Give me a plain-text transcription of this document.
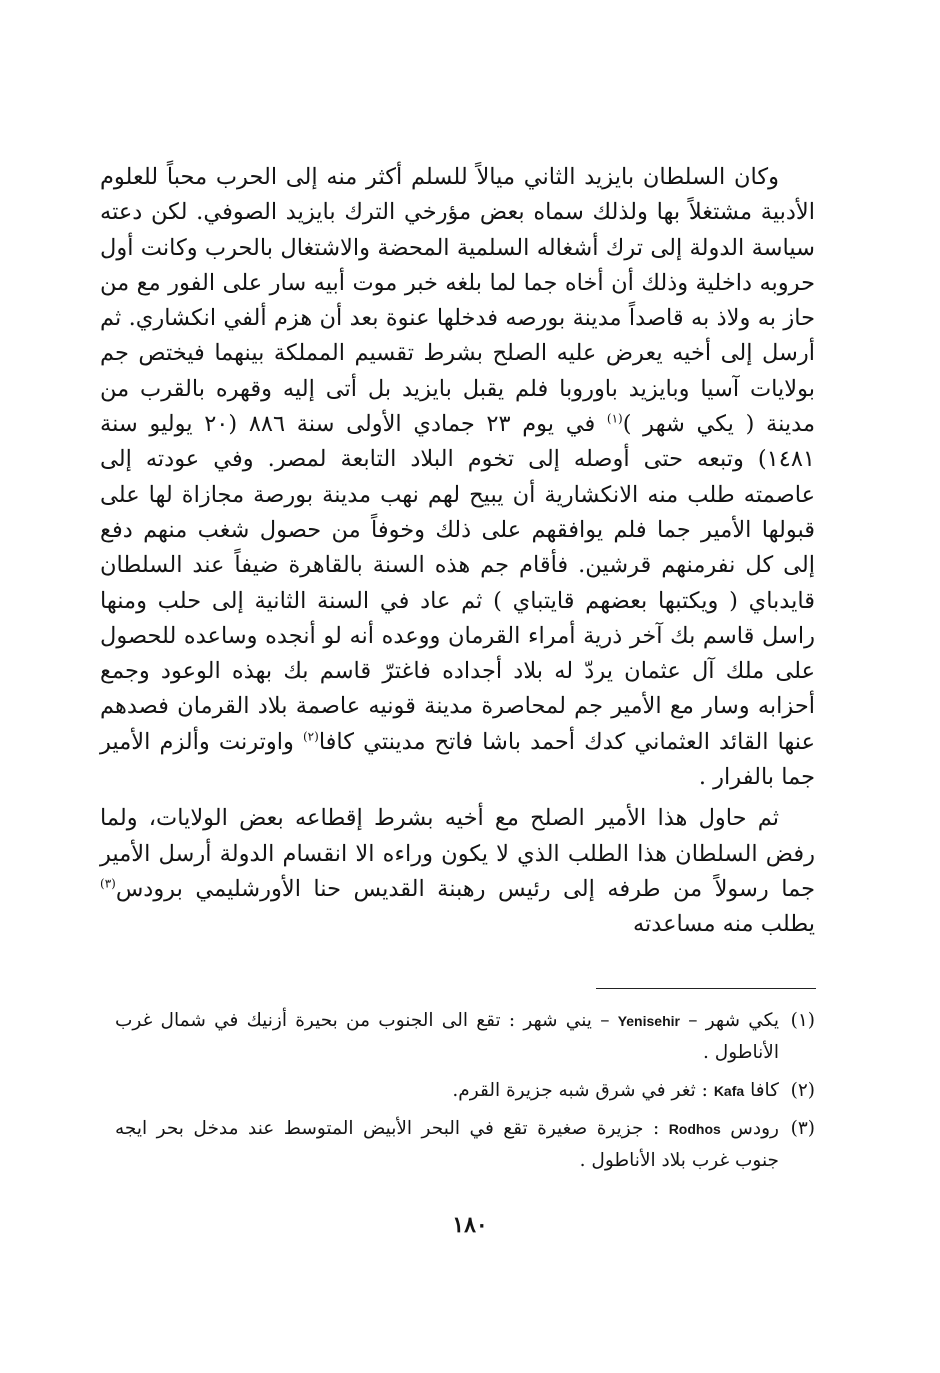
وكان السلطان بايزيد الثاني ميالاً للسلم أكثر منه إلى الحرب محباً للعلوم الأدبية مشتغلاً بها ولذلك سماه بعض مؤرخي الترك بايزيد الصوفي. لكن دعته سياسة الدولة إلى ترك أشغاله السلمية المحضة والاشتغال بالحرب وكانت أول حروبه داخلية وذلك أن أخاه جما لما بلغه خبر موت أبيه سار على الفور مع من حاز به ولاذ به قاصداً مدينة بورصه فدخلها عنوة بعد أن هزم ألفي انكشاري. ثم أرسل إلى أخيه يعرض عليه الصلح بشرط تقسيم المملكة بينهما فيختص جم بولايات آسيا وبايزيد باوروبا فلم يقبل بايزيد بل أتى إليه وقهره بالقرب من مدينة ( يكي شهر )$^{(١)}$ في يوم ٢٣ جمادي الأولى سنة ٨٨٦ (٢٠ يوليو سنة ١٤٨١) وتبعه حتى أوصله إلى تخوم البلاد التابعة لمصر. وفي عودته إلى عاصمته طلب منه الانكشارية أن يبيح لهم نهب مدينة بورصة مجازاة لها على قبولها الأمير جما فلم يوافقهم على ذلك وخوفاً من حصول شغب منهم دفع إلى كل نفرمنهم قرشين. فأقام جم هذه السنة بالقاهرة ضيفاً عند السلطان قايدباي ( ويكتبها بعضهم قايتباي ) ثم عاد في السنة الثانية إلى حلب ومنها راسل قاسم بك آخر ذرية أمراء القرمان ووعده أنه لو أنجده وساعده للحصول على ملك آل عثمان يردّ له بلاد أجداده فاغترّ قاسم بك بهذه الوعود وجمع أحزابه وسار مع الأمير جم لمحاصرة مدينة قونيه عاصمة بلاد القرمان فصدهم عنها القائد العثماني كدك أحمد باشا فاتح مدينتي كافا$^{(٢)}$ واوترنت وألزم الأمير جما بالفرار .

ثم حاول هذا الأمير الصلح مع أخيه بشرط إقطاعه بعض الولايات، ولما رفض السلطان هذا الطلب الذي لا يكون وراءه الا انقسام الدولة أرسل الأمير جما رسولاً من طرفه إلى رئيس رهبنة القديس حنا الأورشليمي برودس$^{(٣)}$ يطلب منه مساعدته

(١)
يكي شهر – Yenisehir – يني شهر : تقع الى الجنوب من بحيرة أزنيك في شمال غرب الأناطول .
(٢)
كافا Kafa : ثغر في شرق شبه جزيرة القرم.
(٣)
رودس Rodhos : جزيرة صغيرة تقع في البحر الأبيض المتوسط عند مدخل بحر ايجه جنوب غرب بلاد الأناطول .
١٨٠
